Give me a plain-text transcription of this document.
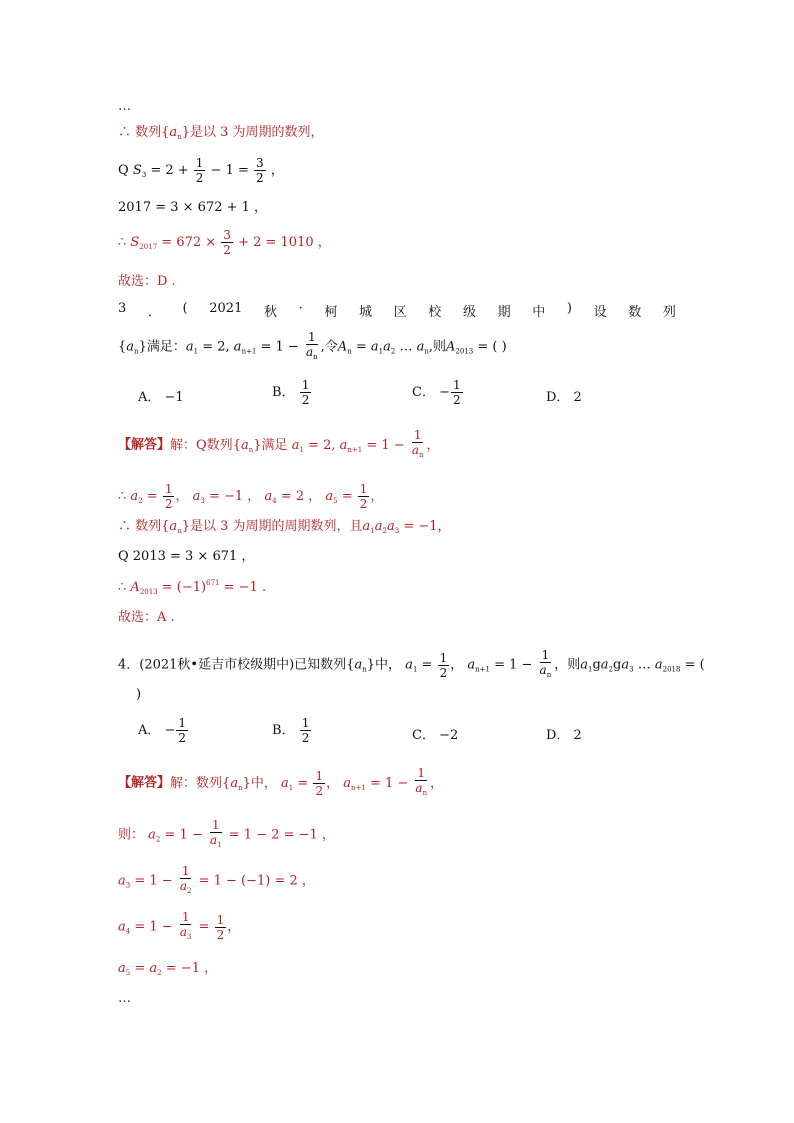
…
∴ 数列$\{a_n\}$是以 3 为周期的数列，
Q $S_3 = 2 + \frac{1}{2} - 1 = \frac{3}{2}$ ，
2017 = 3 × 672 + 1 ，
∴ $S_{2017} = 672 \times \frac{3}{2} + 2 = 1010$ ，
故选：D .
3 ． ( 2021 秋 · 柯 城 区 校 级 期 中 ) 设 数 列
$\{a_n\}$满足：$a_1 = 2$, $a_{n+1} = 1 - \frac{1}{a_n}$ ,令$A_n = a_1a_2$ … $a_n$,则$A_{2013}$ = ( )
A． −1	B． $\frac{1}{2}$	C． − $\frac{1}{2}$	D． 2
【解答】解：Q数列$\{a_n\}$满足 $a_1 = 2$, $a_{n+1} = 1 - \frac{1}{a_n}$ ，
∴ $a_2 = \frac{1}{2}$ ， $a_3 = -1$ ， $a_4 = 2$ ， $a_5 = \frac{1}{2}$ ，
∴ 数列$\{a_n\}$是以 3 为周期的周期数列，且$a_1a_2a_3 = -1$，
Q 2013 = 3 × 671 ，
∴ $A_{2013} = (-1)^{671} = -1$ .
故选：A .
4．(2021秋•延吉市校级期中)已知数列$\{a_n\}$中， $a_1 = \frac{1}{2}$ ， $a_{n+1} = 1 - \frac{1}{a_n}$ ，则$a_1ga_2ga_3$ … $a_{2018}$ = (
)
A． − $\frac{1}{2}$	B． $\frac{1}{2}$	C． −2	D． 2
【解答】解：数列$\{a_n\}$中， $a_1 = \frac{1}{2}$ ， $a_{n+1} = 1 - \frac{1}{a_n}$ ，
则： $a_2 = 1 - \frac{1}{a_1} = 1 - 2 = -1$ ，
$a_3 = 1 - \frac{1}{a_2} = 1 - (-1) = 2$ ，
$a_4 = 1 - \frac{1}{a_3} = \frac{1}{2}$ ，
$a_5 = a_2 = -1$ ，
…
